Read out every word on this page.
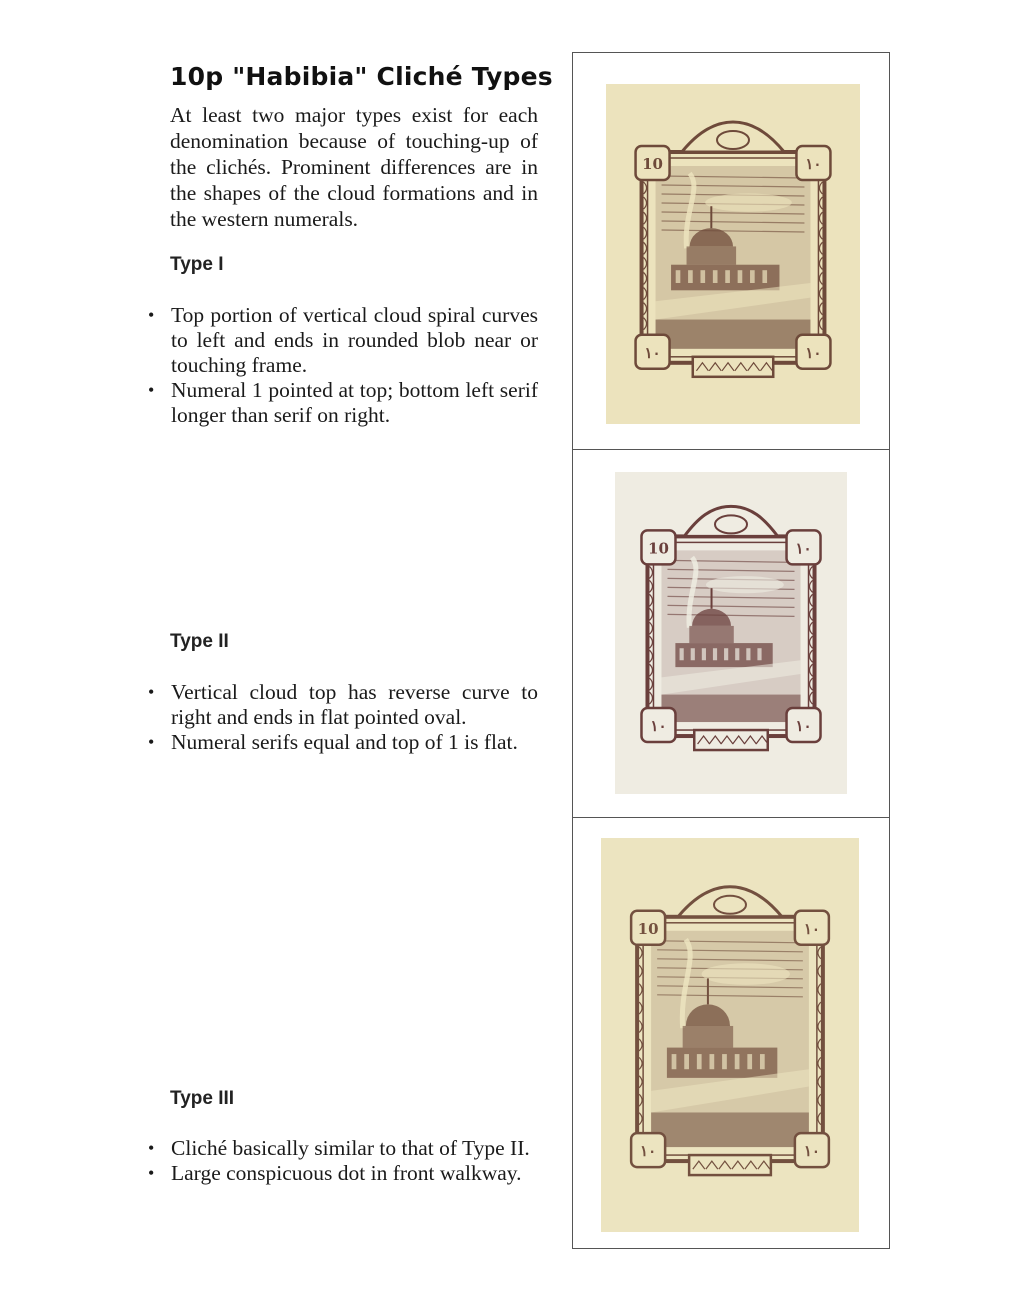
10p "Habibia" Cliché Types

At least two major types exist for each denomination because of touching-up of the clichés. Prominent differences are in the shapes of the cloud formations and in the western numerals.

Type I
• Top portion of vertical cloud spiral curves to left and ends in rounded blob near or touching frame.
• Numeral 1 pointed at top; bottom left serif longer than serif on right.
Type II
• Vertical cloud top has reverse curve to right and ends in flat pointed oval.
• Numeral serifs equal and top of 1 is flat.
Type III
• Cliché basically similar to that of Type II.
• Large conspicuous dot in front walkway.
10	١٠
١٠	١٠
10	١٠
١٠	١٠
10	١٠
١٠	١٠
